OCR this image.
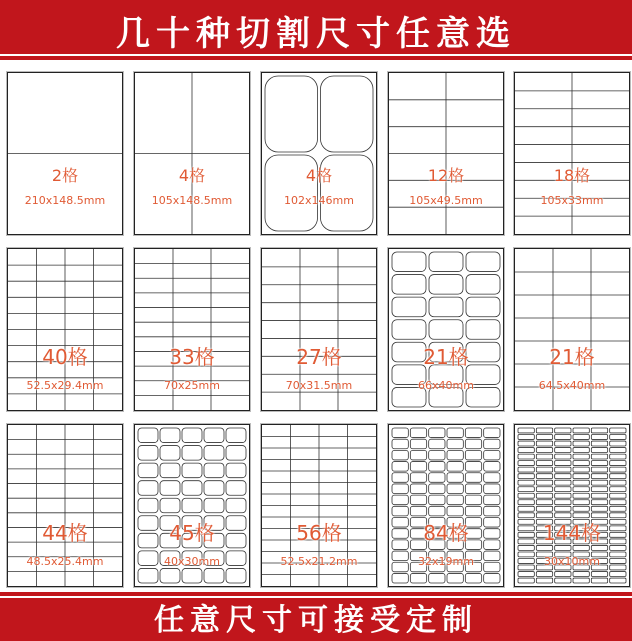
几十种切割尺寸任意选
2格
210x148.5mm
4格
105x148.5mm
4格
102x146mm
12格
105x49.5mm
18格
105x33mm
40格
52.5x29.4mm
33格
70x25mm
27格
70x31.5mm
21格
66x40mm
21格
64.5x40mm
44格
48.5x25.4mm
45格
40x30mm
56格
52.5x21.2mm
84格
32x19mm
144格
30x10mm
任意尺寸可接受定制
